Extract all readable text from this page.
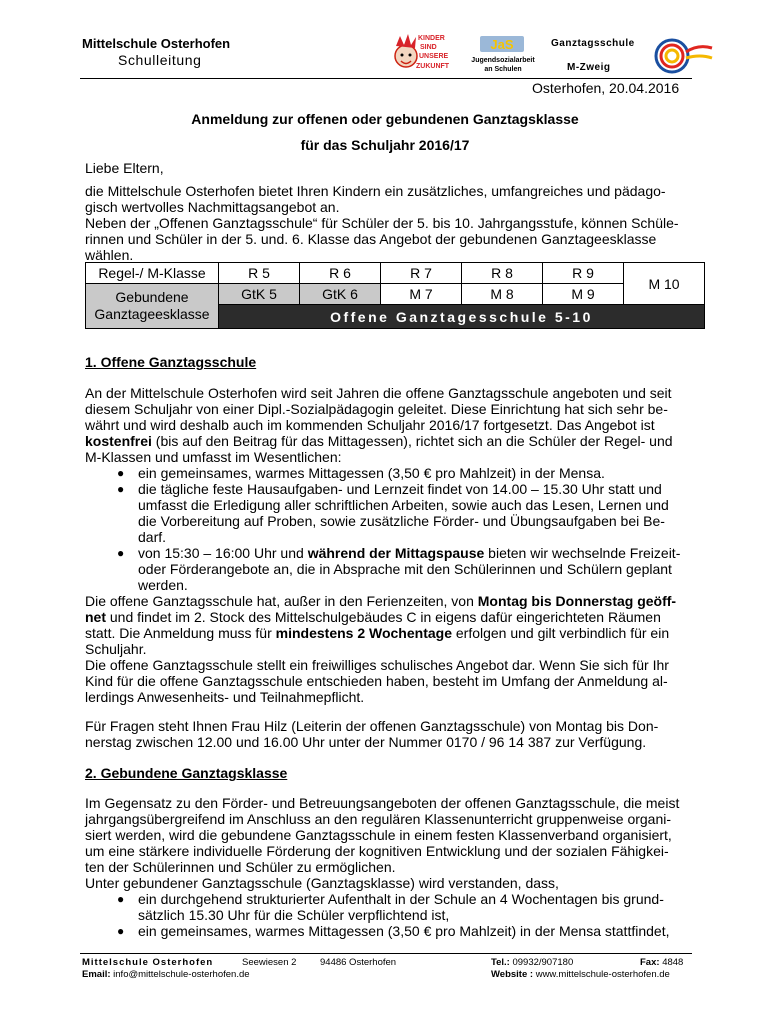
Mittelschule Osterhofen
Schulleitung
KINDER
SIND
UNSERE
ZUKUNFT
JaS
Jugendsozialarbeit an Schulen
Ganztagsschule
M-Zweig
Osterhofen, 20.04.2016
Anmeldung zur offenen oder gebundenen Ganztagsklasse
für das Schuljahr 2016/17
Liebe Eltern,
die Mittelschule Osterhofen bietet Ihren Kindern ein zusätzliches, umfangreiches und pädago-
gisch wertvolles Nachmittagsangebot an.
Neben der „Offenen Ganztagsschule“ für Schüler der 5. bis 10. Jahrgangsstufe, können Schüle-
rinnen und Schüler in der 5. und. 6. Klasse das Angebot der gebundenen Ganztageesklasse
wählen.
Regel-/ M-Klasse	R 5	R 6	R 7	R 8	R 9	M 10
Gebundene
Ganztageesklasse	GtK 5	GtK 6	M 7	M 8	M 9	
	Offene Ganztagesschule 5-10					
1. Offene Ganztagsschule
An der Mittelschule Osterhofen wird seit Jahren die offene Ganztagsschule angeboten und seit
diesem Schuljahr von einer Dipl.-Sozialpädagogin geleitet. Diese Einrichtung hat sich sehr be-
währt und wird deshalb auch im kommenden Schuljahr 2016/17 fortgesetzt. Das Angebot ist
kostenfrei (bis auf den Beitrag für das Mittagessen), richtet sich an die Schüler der Regel- und
M-Klassen und umfasst im Wesentlichen:
● ein gemeinsames, warmes Mittagessen (3,50 € pro Mahlzeit) in der Mensa.
● die tägliche feste Hausaufgaben- und Lernzeit findet von 14.00 – 15.30 Uhr statt und
umfasst die Erledigung aller schriftlichen Arbeiten, sowie auch das Lesen, Lernen und
die Vorbereitung auf Proben, sowie zusätzliche Förder- und Übungsaufgaben bei Be-
darf.
● von 15:30 – 16:00 Uhr und während der Mittagspause bieten wir wechselnde Freizeit-
oder Förderangebote an, die in Absprache mit den Schülerinnen und Schülern geplant
werden.
Die offene Ganztagsschule hat, außer in den Ferienzeiten, von Montag bis Donnerstag geöff-
net und findet im 2. Stock des Mittelschulgebäudes C in eigens dafür eingerichteten Räumen
statt. Die Anmeldung muss für mindestens 2 Wochentage erfolgen und gilt verbindlich für ein
Schuljahr.
Die offene Ganztagsschule stellt ein freiwilliges schulisches Angebot dar. Wenn Sie sich für Ihr
Kind für die offene Ganztagsschule entschieden haben, besteht im Umfang der Anmeldung al-
lerdings Anwesenheits- und Teilnahmepflicht.
Für Fragen steht Ihnen Frau Hilz (Leiterin der offenen Ganztagsschule) von Montag bis Don-
nerstag zwischen 12.00 und 16.00 Uhr unter der Nummer 0170 / 96 14 387 zur Verfügung.
2. Gebundene Ganztagsklasse
Im Gegensatz zu den Förder- und Betreuungsangeboten der offenen Ganztagsschule, die meist
jahrgangsübergreifend im Anschluss an den regulären Klassenunterricht gruppenweise organi-
siert werden, wird die gebundene Ganztagsschule in einem festen Klassenverband organisiert,
um eine stärkere individuelle Förderung der kognitiven Entwicklung und der sozialen Fähigkei-
ten der Schülerinnen und Schüler zu ermöglichen.
Unter gebundener Ganztagsschule (Ganztagsklasse) wird verstanden, dass,
● ein durchgehend strukturierter Aufenthalt in der Schule an 4 Wochentagen bis grund-
sätzlich 15.30 Uhr für die Schüler verpflichtend ist,
● ein gemeinsames, warmes Mittagessen (3,50 € pro Mahlzeit) in der Mensa stattfindet,
Mittelschule Osterhofen	Seewiesen 2 94486 Osterhofen
Email: info@mittelschule-osterhofen.de
Tel.: 09932/907180	Fax: 4848
Website : www.mittelschule-osterhofen.de
